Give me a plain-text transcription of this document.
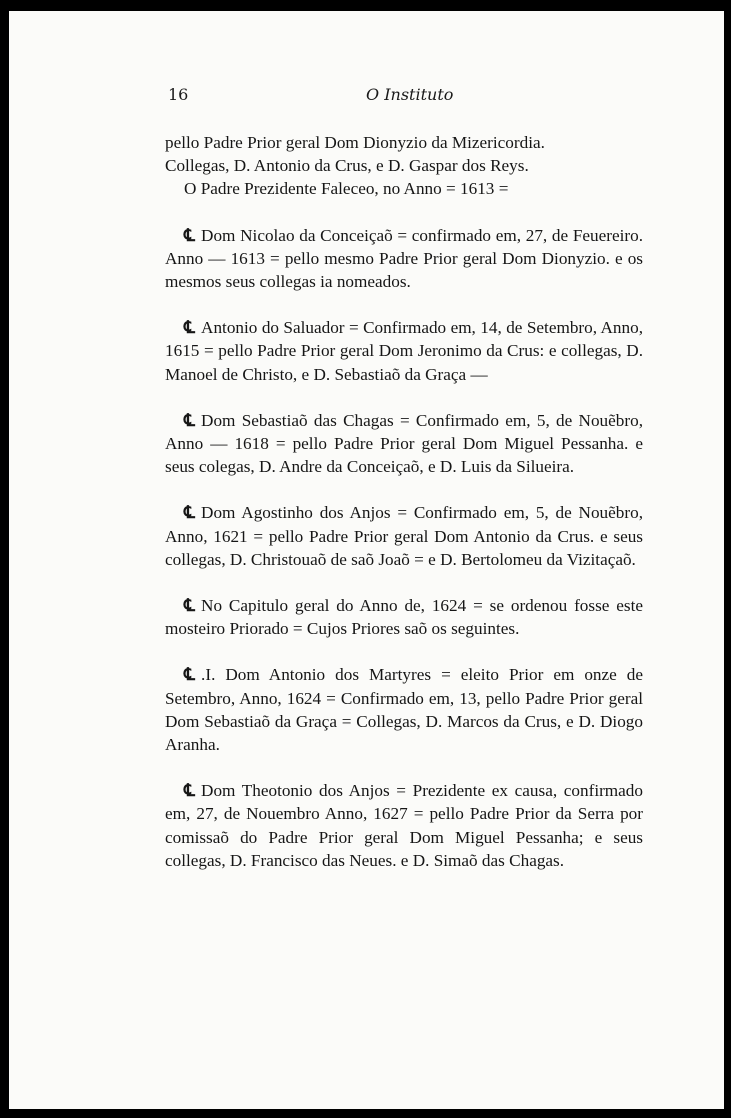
16	O Instituto

pello Padre Prior geral Dom Dionyzio da Mizericordia.
Collegas, D. Antonio da Crus, e D. Gaspar dos Reys.
O Padre Prezidente Faleceo, no Anno = 1613 =

℄ Dom Nicolao da Conceiçaõ = confirmado em, 27, de Feuereiro. Anno — 1613 = pello mesmo Padre Prior geral Dom Dionyzio. e os mesmos seus collegas ia nomeados.

℄ Antonio do Saluador = Confirmado em, 14, de Setembro, Anno, 1615 = pello Padre Prior geral Dom Jeronimo da Crus: e collegas, D. Manoel de Christo, e D. Sebastiaõ da Graça —

℄ Dom Sebastiaõ das Chagas = Confirmado em, 5, de Nouẽbro, Anno — 1618 = pello Padre Prior geral Dom Miguel Pessanha. e seus colegas, D. Andre da Conceiçaõ, e D. Luis da Silueira.

℄ Dom Agostinho dos Anjos = Confirmado em, 5, de Nouẽbro, Anno, 1621 = pello Padre Prior geral Dom Antonio da Crus. e seus collegas, D. Christouaõ de saõ Joaõ = e D. Bertolomeu da Vizitaçaõ.

℄ No Capitulo geral do Anno de, 1624 = se ordenou fosse este mosteiro Priorado = Cujos Priores saõ os seguintes.

℄ .I. Dom Antonio dos Martyres = eleito Prior em onze de Setembro, Anno, 1624 = Confirmado em, 13, pello Padre Prior geral Dom Sebastiaõ da Graça = Collegas, D. Marcos da Crus, e D. Diogo Aranha.

℄ Dom Theotonio dos Anjos = Prezidente ex causa, confirmado em, 27, de Nouembro Anno, 1627 = pello Padre Prior da Serra por comissaõ do Padre Prior geral Dom Miguel Pessanha; e seus collegas, D. Francisco das Neues. e D. Simaõ das Chagas.
